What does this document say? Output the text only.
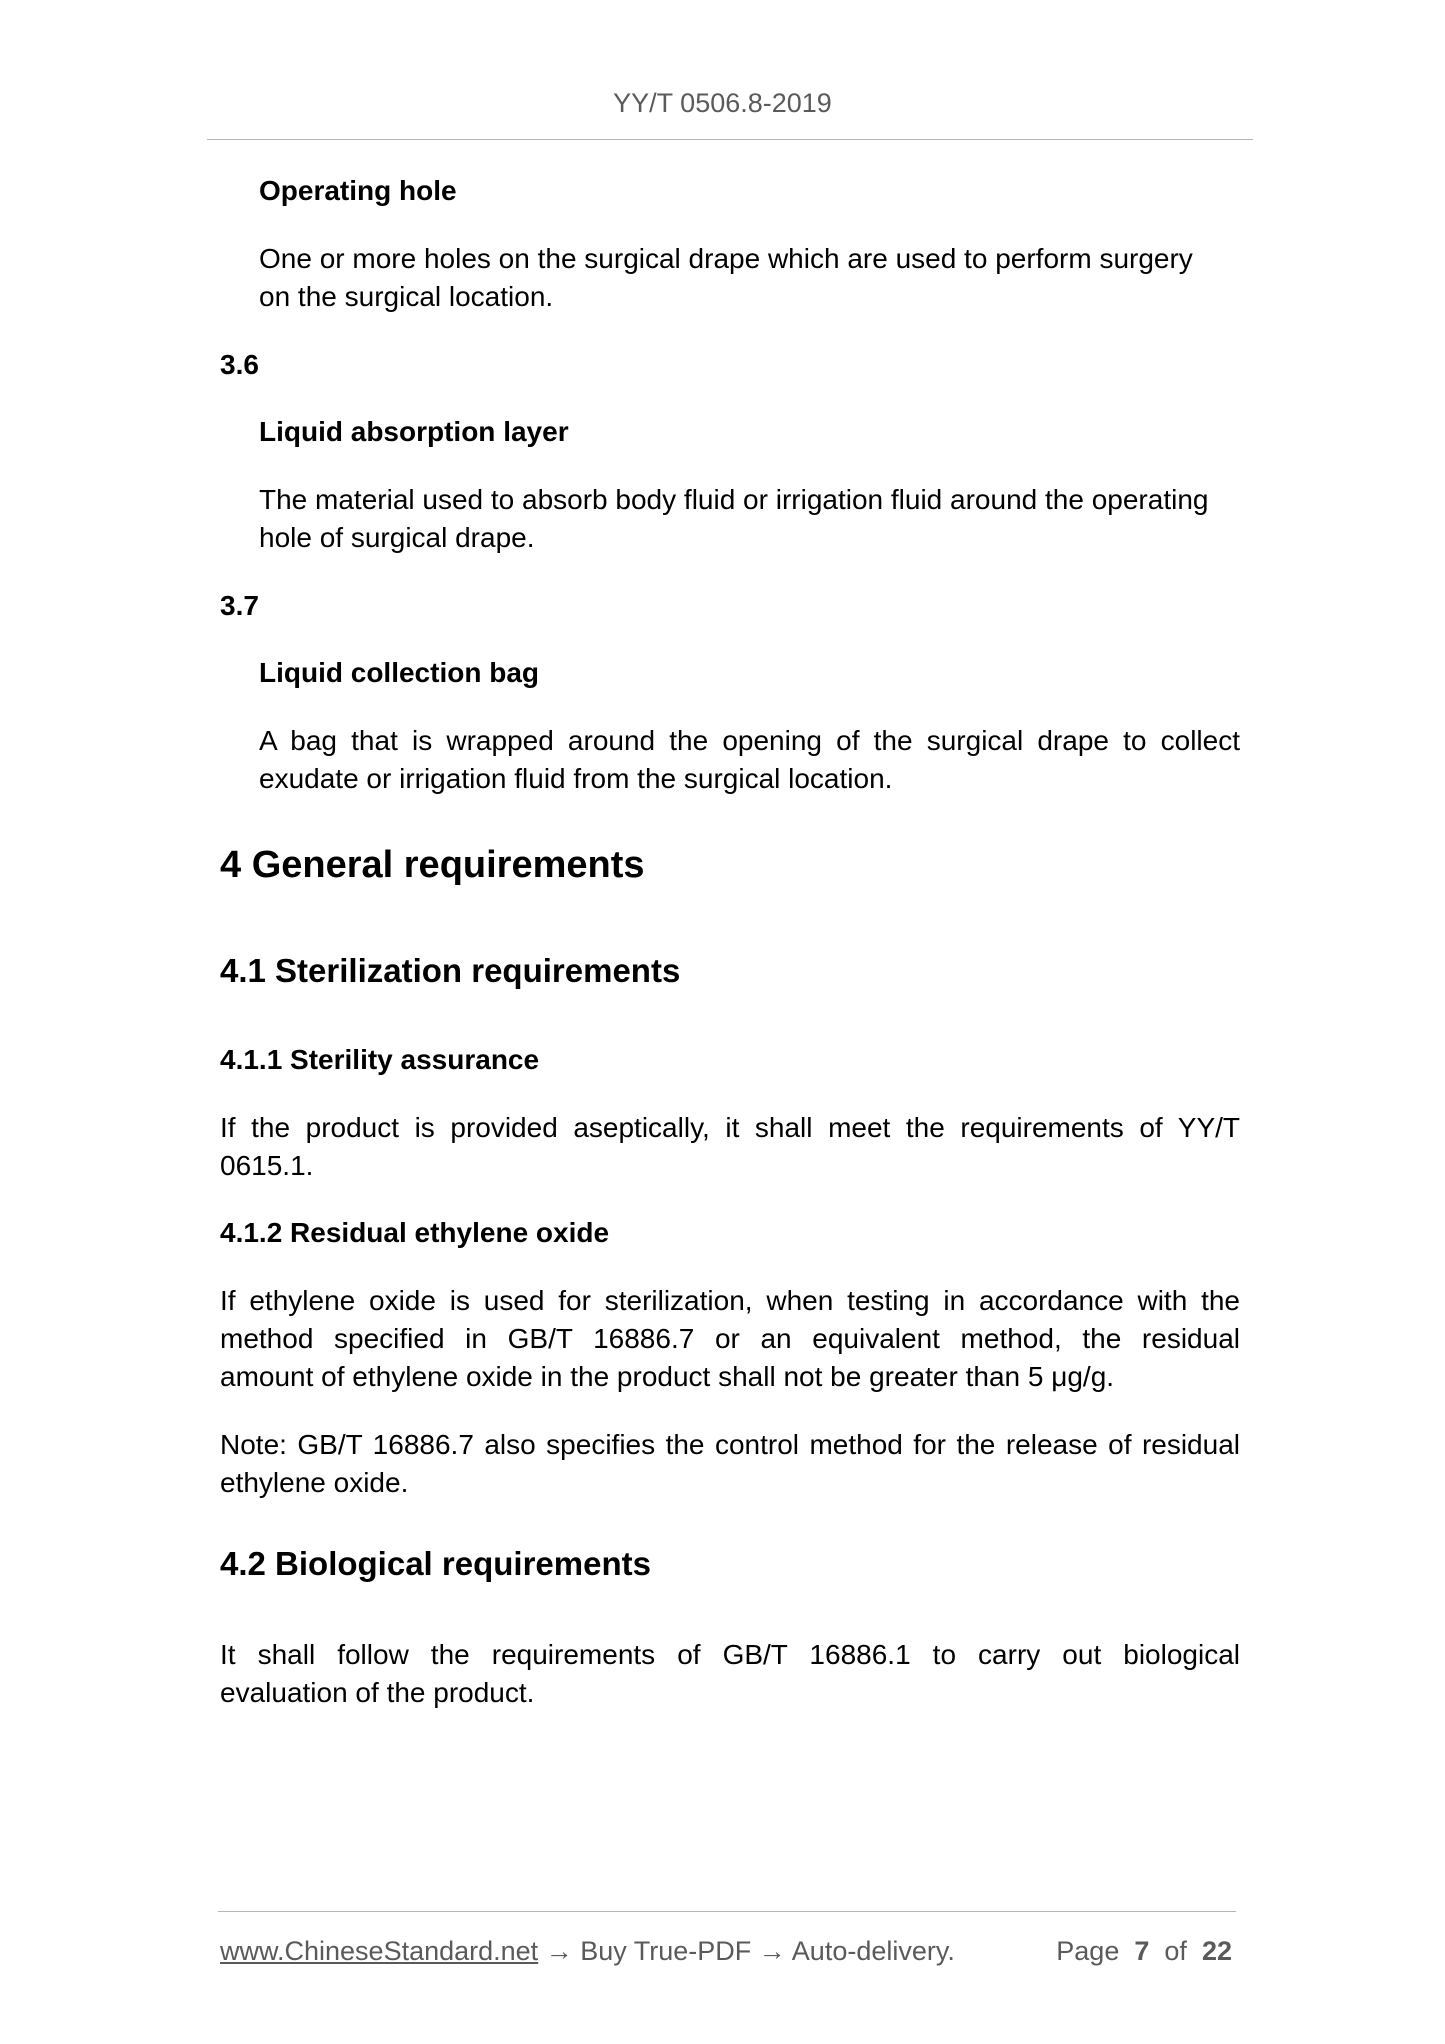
YY/T 0506.8-2019
Operating hole
One or more holes on the surgical drape which are used to perform surgery
on the surgical location.
3.6
Liquid absorption layer
The material used to absorb body fluid or irrigation fluid around the operating
hole of surgical drape.
3.7
Liquid collection bag
A bag that is wrapped around the opening of the surgical drape to collect
exudate or irrigation fluid from the surgical location.
4 General requirements
4.1 Sterilization requirements
4.1.1 Sterility assurance
If the product is provided aseptically, it shall meet the requirements of YY/T
0615.1.
4.1.2 Residual ethylene oxide
If ethylene oxide is used for sterilization, when testing in accordance with the
method specified in GB/T 16886.7 or an equivalent method, the residual
amount of ethylene oxide in the product shall not be greater than 5 μg/g.
Note: GB/T 16886.7 also specifies the control method for the release of residual
ethylene oxide.
4.2 Biological requirements
It shall follow the requirements of GB/T 16886.1 to carry out biological
evaluation of the product.
www.ChineseStandard.net → Buy True-PDF → Auto-delivery.	Page 7 of 22
